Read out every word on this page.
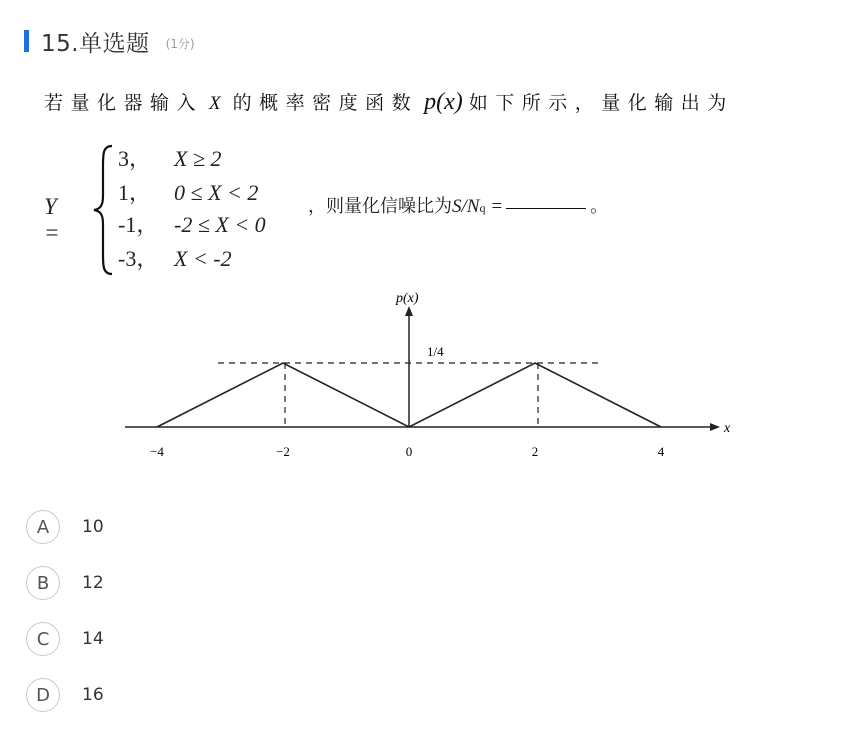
15.单选题 (1分)
若量化器输入 X 的概率密度函数 p(x) 如下所示，量化输出为
Y =
3， X ≥ 2
1， 0 ≤ X < 2
-1， -2 ≤ X < 0
-3， X < -2
，则量化信噪比为 S/N q =	。
p(x)
x
1/4
−4	−2	0	2	4
A	10
B	12
C	14
D	16
